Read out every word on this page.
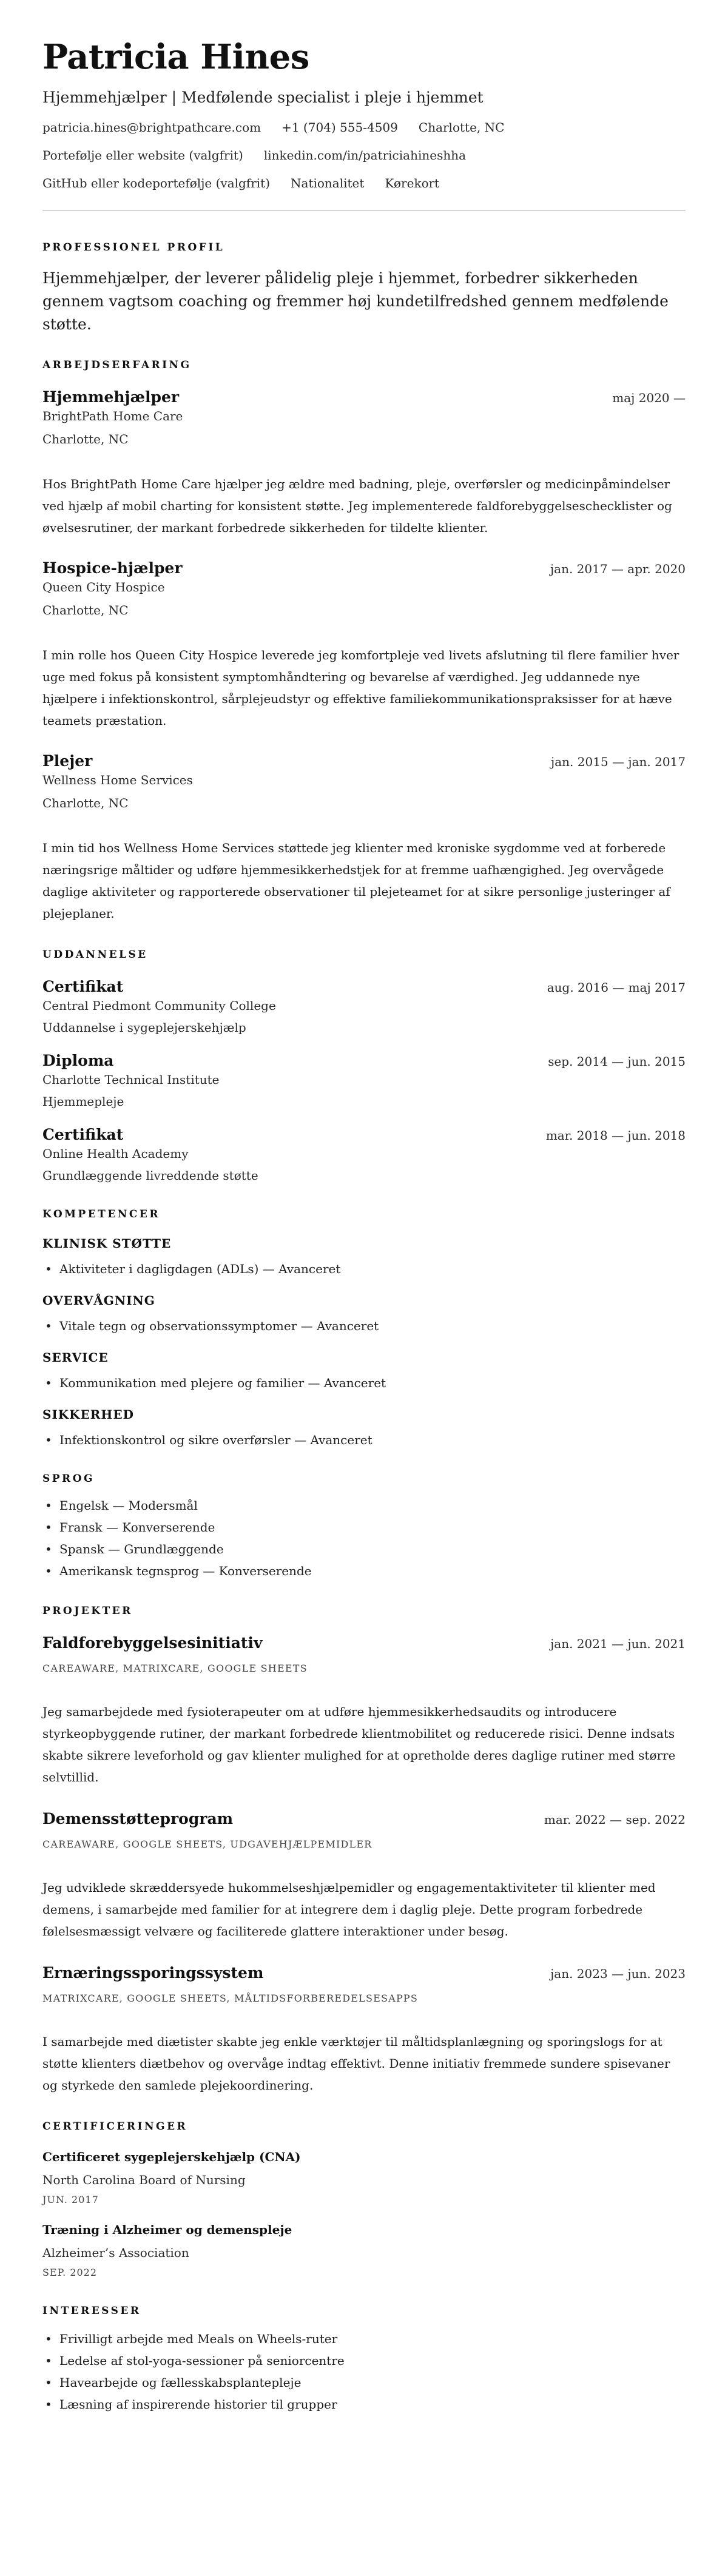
Patricia Hines
Hjemmehjælper | Medfølende specialist i pleje i hjemmet
patricia.hines@brightpathcare.com +1 (704) 555-4509 Charlotte, NC
Portefølje eller website (valgfrit) linkedin.com/in/patriciahineshha
GitHub eller kodeportefølje (valgfrit) Nationalitet Kørekort
PROFESSIONEL PROFIL

Hjemmehjælper, der leverer pålidelig pleje i hjemmet, forbedrer sikkerheden gennem vagtsom coaching og fremmer høj kundetilfredshed gennem medfølende støtte.

ARBEJDSERFARING
Hjemmehjælper	maj 2020 —
BrightPath Home Care
Charlotte, NC

Hos BrightPath Home Care hjælper jeg ældre med badning, pleje, overførsler og medicinpåmindelser ved hjælp af mobil charting for konsistent støtte. Jeg implementerede faldforebyggelseschecklister og øvelsesrutiner, der markant forbedrede sikkerheden for tildelte klienter.

Hospice-hjælper	jan. 2017 — apr. 2020
Queen City Hospice
Charlotte, NC

I min rolle hos Queen City Hospice leverede jeg komfortpleje ved livets afslutning til flere familier hver uge med fokus på konsistent symptomhåndtering og bevarelse af værdighed. Jeg uddannede nye hjælpere i infektionskontrol, sårplejeudstyr og effektive familiekommunikationspraksisser for at hæve teamets præstation.

Plejer	jan. 2015 — jan. 2017
Wellness Home Services
Charlotte, NC

I min tid hos Wellness Home Services støttede jeg klienter med kroniske sygdomme ved at forberede næringsrige måltider og udføre hjemmesikkerhedstjek for at fremme uafhængighed. Jeg overvågede daglige aktiviteter og rapporterede observationer til plejeteamet for at sikre personlige justeringer af plejeplaner.

UDDANNELSE
Certifikat	aug. 2016 — maj 2017
Central Piedmont Community College
Uddannelse i sygeplejerskehjælp
Diploma	sep. 2014 — jun. 2015
Charlotte Technical Institute
Hjemmepleje
Certifikat	mar. 2018 — jun. 2018
Online Health Academy
Grundlæggende livreddende støtte
KOMPETENCER
KLINISK STØTTE
• Aktiviteter i dagligdagen (ADLs) — Avanceret
OVERVÅGNING
• Vitale tegn og observationssymptomer — Avanceret
SERVICE
• Kommunikation med plejere og familier — Avanceret
SIKKERHED
• Infektionskontrol og sikre overførsler — Avanceret
SPROG
• Engelsk — Modersmål
• Fransk — Konverserende
• Spansk — Grundlæggende
• Amerikansk tegnsprog — Konverserende
PROJEKTER
Faldforebyggelsesinitiativ	jan. 2021 — jun. 2021
CAREAWARE, MATRIXCARE, GOOGLE SHEETS

Jeg samarbejdede med fysioterapeuter om at udføre hjemmesikkerhedsaudits og introducere styrkeopbyggende rutiner, der markant forbedrede klientmobilitet og reducerede risici. Denne indsats skabte sikrere leveforhold og gav klienter mulighed for at opretholde deres daglige rutiner med større selvtillid.

Demensstøtteprogram	mar. 2022 — sep. 2022
CAREAWARE, GOOGLE SHEETS, UDGAVEHJÆLPEMIDLER

Jeg udviklede skræddersyede hukommelseshjælpemidler og engagementaktiviteter til klienter med demens, i samarbejde med familier for at integrere dem i daglig pleje. Dette program forbedrede følelsesmæssigt velvære og faciliterede glattere interaktioner under besøg.

Ernæringssporingssystem	jan. 2023 — jun. 2023
MATRIXCARE, GOOGLE SHEETS, MÅLTIDSFORBEREDELSESAPPS

I samarbejde med diætister skabte jeg enkle værktøjer til måltidsplanlægning og sporingslogs for at støtte klienters diætbehov og overvåge indtag effektivt. Denne initiativ fremmede sundere spisevaner og styrkede den samlede plejekoordinering.

CERTIFICERINGER
Certificeret sygeplejerskehjælp (CNA)
North Carolina Board of Nursing
JUN. 2017
Træning i Alzheimer og demenspleje
Alzheimer’s Association
SEP. 2022
INTERESSER
• Frivilligt arbejde med Meals on Wheels-ruter
• Ledelse af stol-yoga-sessioner på seniorcentre
• Havearbejde og fællesskabsplantepleje
• Læsning af inspirerende historier til grupper
